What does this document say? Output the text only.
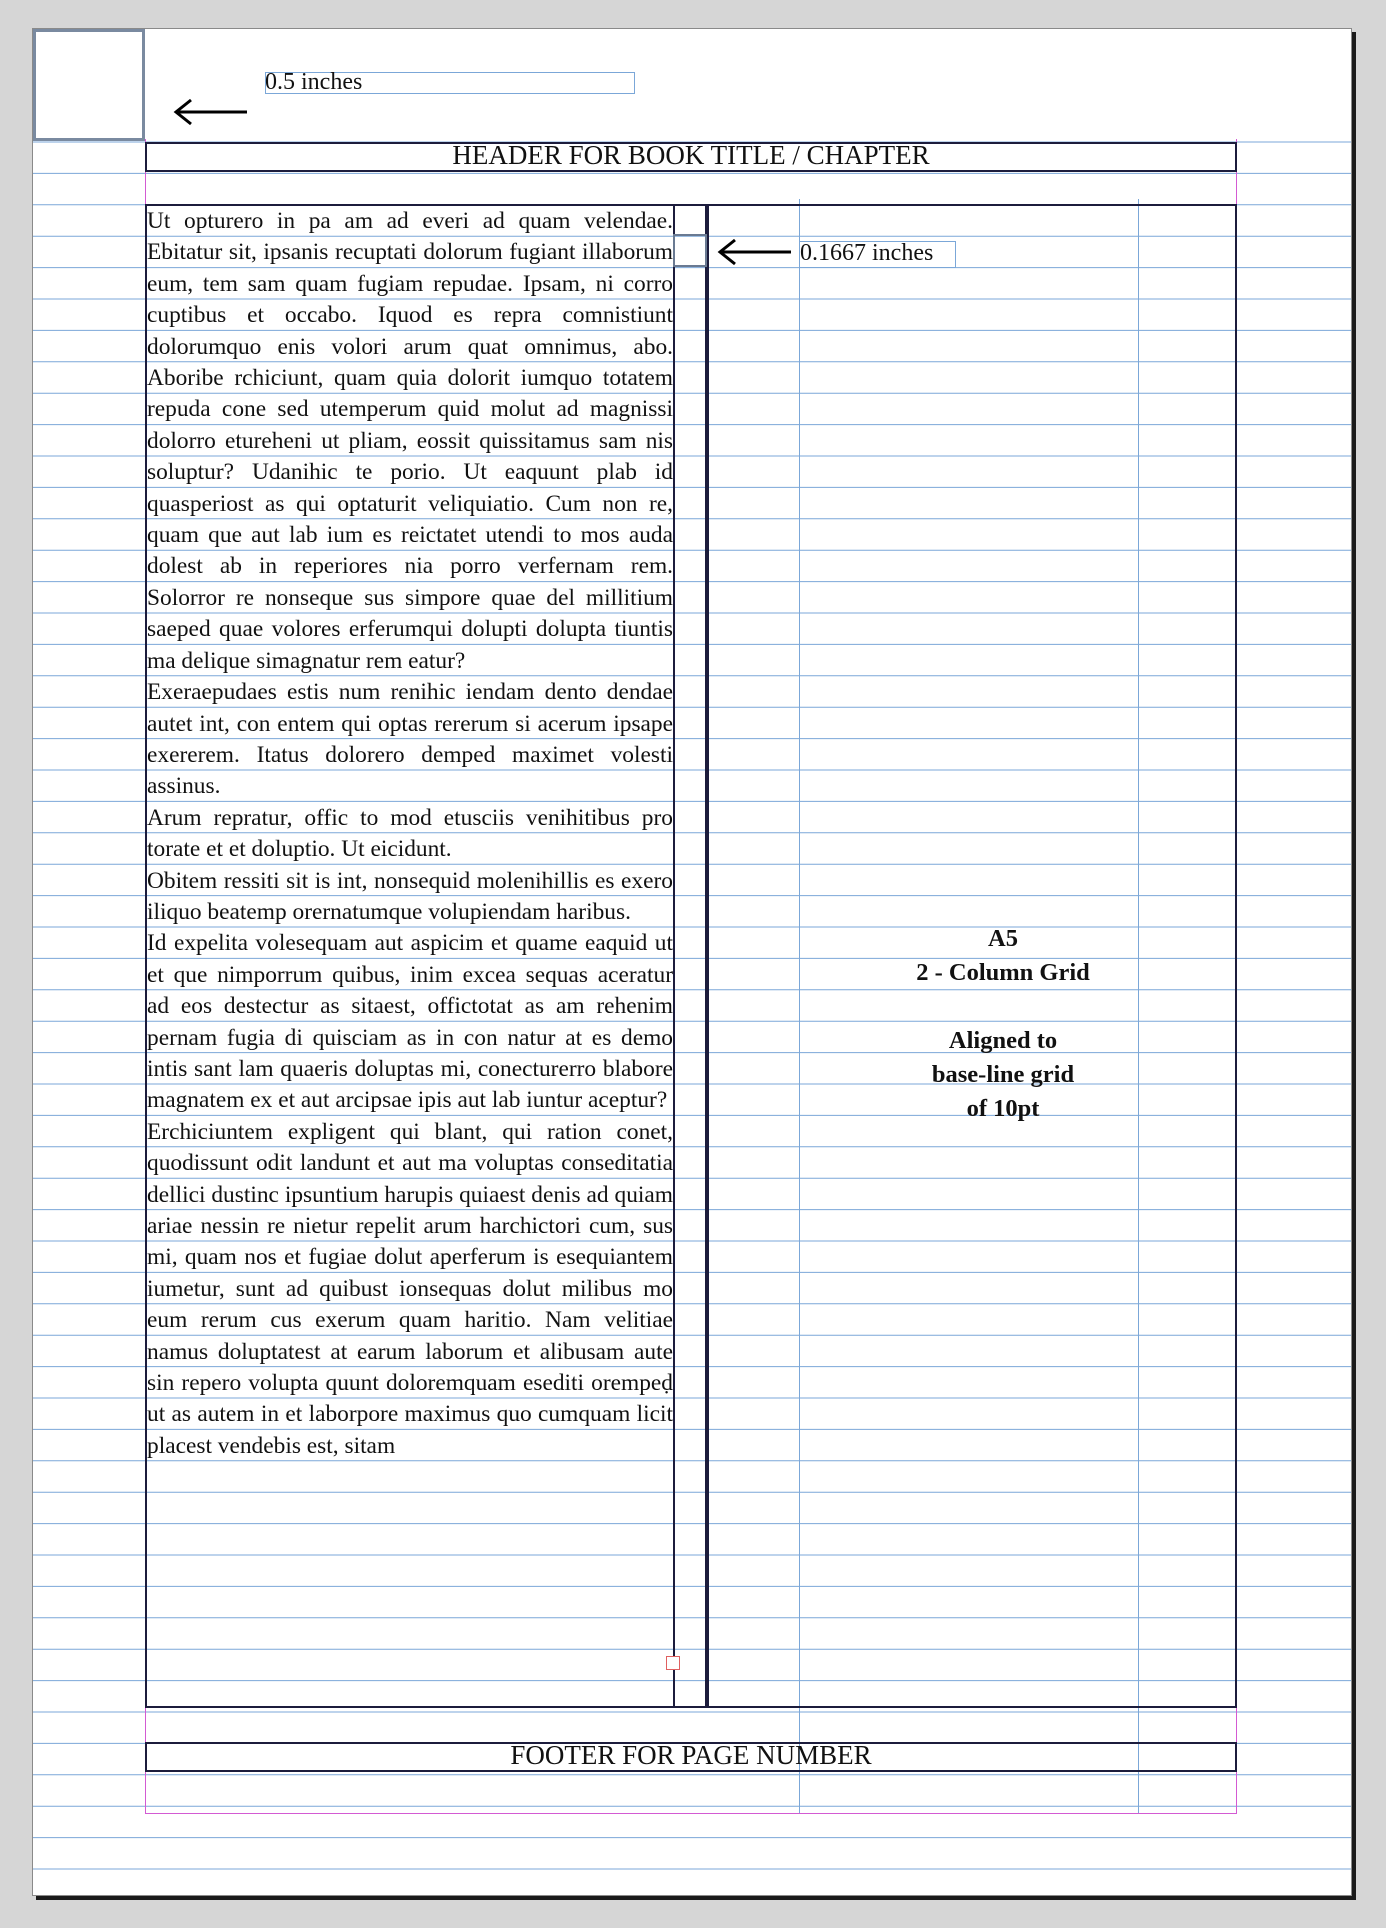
0.5 inches
HEADER FOR BOOK TITLE / CHAPTER
0.1667 inches

Ut opturero in pa am ad everi ad quam velendae. Ebitatur sit, ipsanis recuptati dolorum fugiant illaborum eum, tem sam quam fugiam repudae. Ipsam, ni corro cuptibus et occabo. Iquod es repra comnistiunt dolorumquo enis volori arum quat omnimus, abo. Aboribe rchiciunt, quam quia dolorit iumquo totatem repuda cone sed utemperum quid molut ad magnissi dolorro etureheni ut pliam, eossit quissitamus sam nis soluptur? Udanihic te porio. Ut eaquunt plab id quasperiost as qui optaturit veliquiatio. Cum non re, quam que aut lab ium es reictatet utendi to mos auda dolest ab in reperiores nia porro verfernam rem. Solorror re nonseque sus simpore quae del millitium saeped quae volores erferumqui dolupti dolupta tiuntis ma delique simagnatur rem eatur?

Exeraepudaes estis num renihic iendam dento dendae autet int, con entem qui optas rererum si acerum ipsape exererem. Itatus dolorero demped maximet volesti assinus.

Arum repratur, offic to mod etusciis venihitibus pro torate et et doluptio. Ut eicidunt.

Obitem ressiti sit is int, nonsequid molenihillis es exero iliquo beatemp orernatumque volupiendam haribus.

Id expelita volesequam aut aspicim et quame eaquid ut et que nimporrum quibus, inim excea sequas aceratur ad eos destectur as sitaest, offictotat as am rehenim pernam fugia di quisciam as in con natur at es demo intis sant lam quaeris doluptas mi, conecturerro blabore magnatem ex et aut arcipsae ipis aut lab iuntur aceptur?

Erchiciuntem expligent qui blant, qui ration conet, quodissunt odit landunt et aut ma voluptas conseditatia dellici dustinc ipsuntium harupis quiaest denis ad quiam ariae nessin re nietur repelit arum harchictori cum, sus mi, quam nos et fugiae dolut aperferum is esequiantem iumetur, sunt ad quibust ionsequas dolut milibus mo eum rerum cus exerum quam haritio. Nam velitiae namus doluptatest at earum laborum et alibusam aute sin repero volupta quunt doloremquam esediti orempeḍ ut as autem in et laborpore maximus quo cumquam licit placest vendebis est, sitam

A5
2 - Column Grid
Aligned to
base-line grid
of 10pt
FOOTER FOR PAGE NUMBER
